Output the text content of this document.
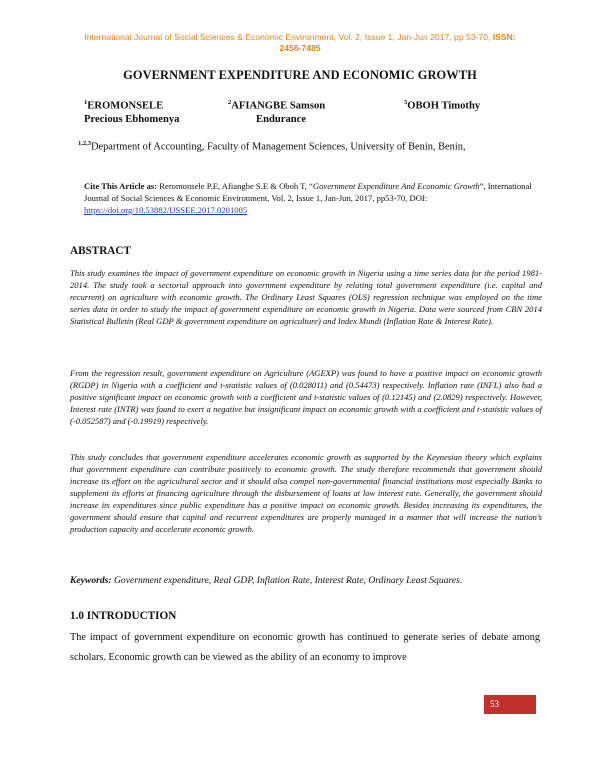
International Journal of Social Sciences & Economic Environment, Vol. 2, Issue 1, Jan-Jun 2017, pp 53-70, ISSN:
2456-7485
GOVERNMENT EXPENDITURE AND ECONOMIC GROWTH
$^1$EROMONSELE
Precious Ebhomenya
$^2$AFIANGBE Samson
Endurance
$^3$OBOH Timothy
$^{1,2,3}$Department of Accounting, Faculty of Management Sciences, University of Benin, Benin,
Cite This Article as: Reromonsele P.E, Afiangbe S.E & Oboh T, “Government Expenditure And Economic Growth”, International Journal of Social Sciences & Economic Environment, Vol. 2, Issue 1, Jan-Jun, 2017, pp53-70, DOI: https://doi.org/10.53882/IJSSEE.2017.0201005
ABSTRACT

This study examines the impact of government expenditure on economic growth in Nigeria using a time series data for the period 1981-2014. The study took a sectorial approach into government expenditure by relating total government expenditure (i.e. capital and recurrent) on agriculture with economic growth. The Ordinary Least Squares (OLS) regression technique was employed on the time series data in order to study the impact of government expenditure on economic growth in Nigeria. Data were sourced from CBN 2014 Statistical Bulletin (Real GDP & government expenditure on agriculture) and Index Mundi (Inflation Rate & Interest Rate).

From the regression result, government expenditure on Agriculture (AGEXP) was found to have a positive impact on economic growth (RGDP) in Nigeria with a coefficient and t-statistic values of (0.028011) and (0.54473) respectively. Inflation rate (INFL) also had a positive significant impact on economic growth with a coefficient and t-statistic values of (0.12145) and (2.0829) respectively. However, Interest rate (INTR) was found to exert a negative but insignificant impact on economic growth with a coefficient and t-statistic values of (-0.052587) and (-0.19919) respectively.

This study concludes that government expenditure accelerates economic growth as supported by the Keynesian theory which explains that government expenditure can contribute positively to economic growth. The study therefore recommends that government should increase its effort on the agricultural sector and it should also compel non-governmental financial institutions most especially Banks to supplement its efforts at financing agriculture through the disbursement of loans at low interest rate. Generally, the government should increase its expenditures since public expenditure has a positive impact on economic growth. Besides increasing its expenditures, the government should ensure that capital and recurrent expenditures are properly managed in a manner that will increase the nation’s production capacity and accelerate economic growth.

Keywords: Government expenditure, Real GDP, Inflation Rate, Interest Rate, Ordinary Least Squares.
1.0 INTRODUCTION

The impact of government expenditure on economic growth has continued to generate series of debate among scholars. Economic growth can be viewed as the ability of an economy to improve

53
